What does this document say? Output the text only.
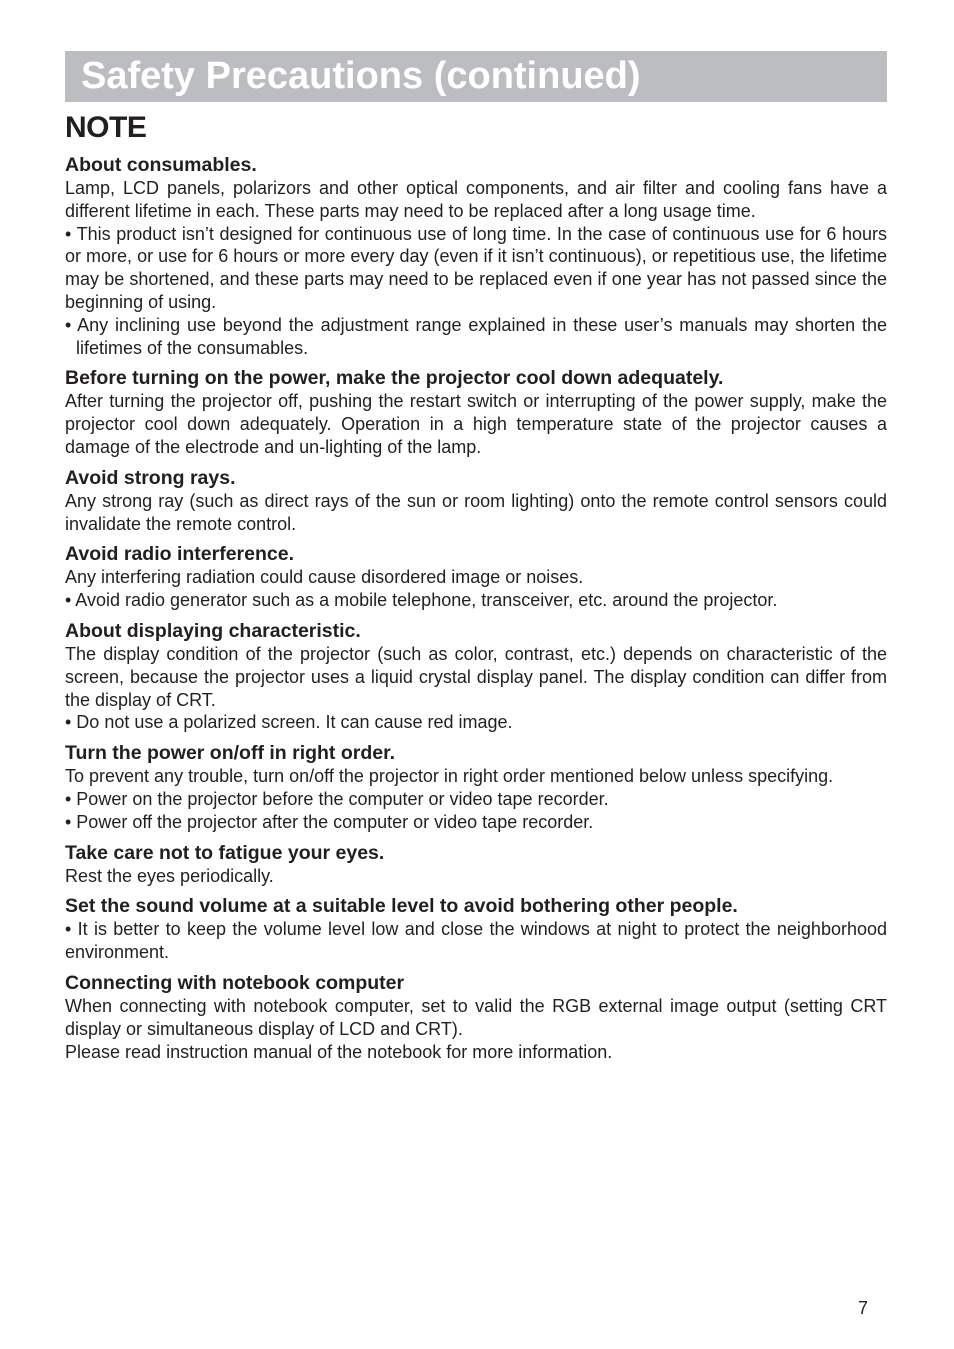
Safety Precautions (continued)
NOTE
About consumables.
Lamp, LCD panels, polarizors and other optical components, and air filter and cooling fans have a different lifetime in each. These parts may need to be replaced after a long usage time.
• This product isn’t designed for continuous use of long time. In the case of continuous use for 6 hours or more, or use for 6 hours or more every day (even if it isn’t continuous), or repetitious use, the lifetime may be shortened, and these parts may need to be replaced even if one year has not passed since the beginning of using.
• Any inclining use beyond the adjustment range explained in these user’s manuals may shorten the lifetimes of the consumables.
Before turning on the power, make the projector cool down adequately.
After turning the projector off, pushing the restart switch or interrupting of the power supply, make the projector cool down adequately. Operation in a high temperature state of the projector causes a damage of the electrode and un-lighting of the lamp.
Avoid strong rays.
Any strong ray (such as direct rays of the sun or room lighting) onto the remote control sensors could invalidate the remote control.
Avoid radio interference.
Any interfering radiation could cause disordered image or noises.
• Avoid radio generator such as a mobile telephone, transceiver, etc. around the projector.
About displaying characteristic.
The display condition of the projector (such as color, contrast, etc.) depends on characteristic of the screen, because the projector uses a liquid crystal display panel. The display condition can differ from the display of CRT.
• Do not use a polarized screen. It can cause red image.
Turn the power on/off in right order.
To prevent any trouble, turn on/off the projector in right order mentioned below unless specifying.
• Power on the projector before the computer or video tape recorder.
• Power off the projector after the computer or video tape recorder.
Take care not to fatigue your eyes.
Rest the eyes periodically.
Set the sound volume at a suitable level to avoid bothering other people.
• It is better to keep the volume level low and close the windows at night to protect the neighborhood environment.
Connecting with notebook computer
When connecting with notebook computer, set to valid the RGB external image output (setting CRT display or simultaneous display of LCD and CRT).
Please read instruction manual of the notebook for more information.
7
